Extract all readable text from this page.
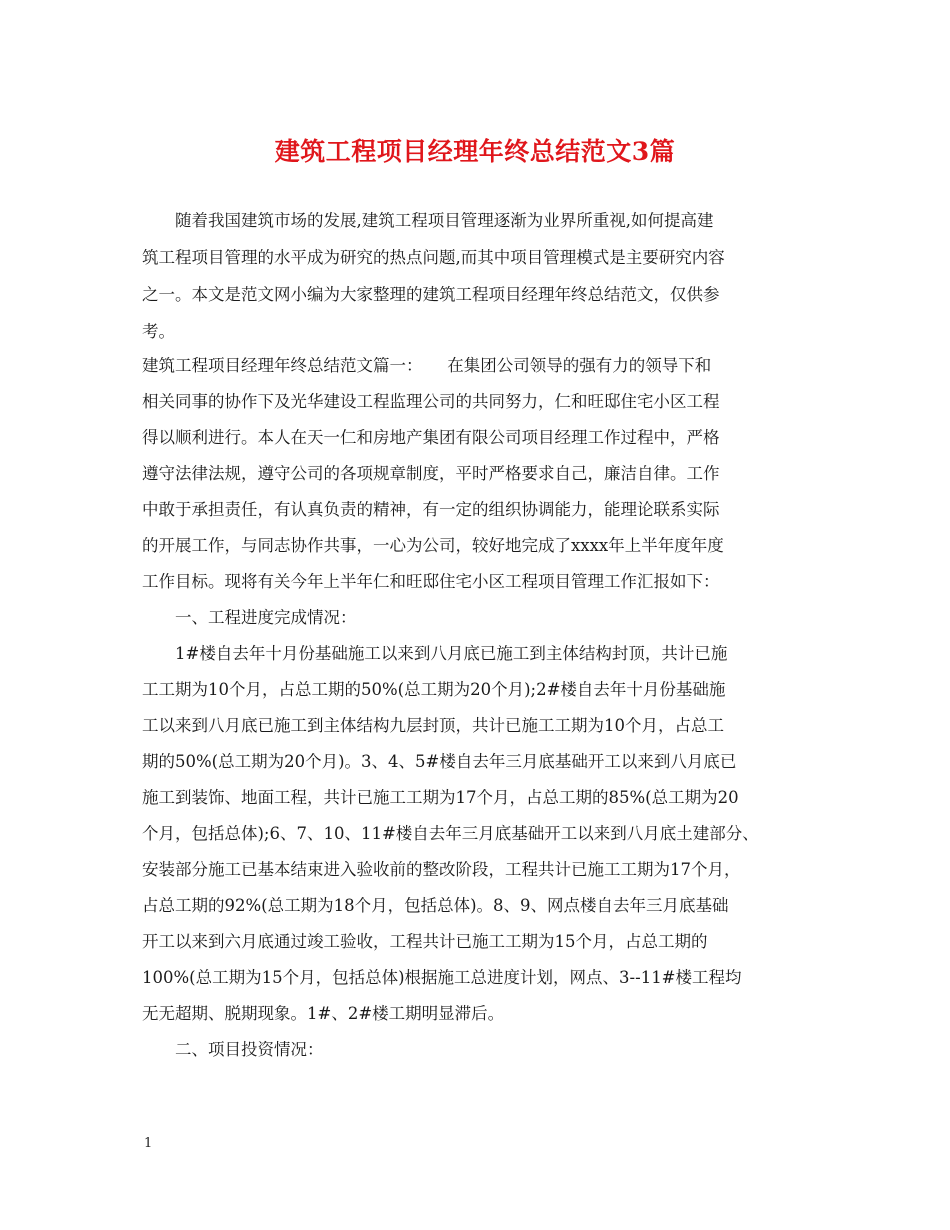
建筑工程项目经理年终总结范文3篇
　　随着我国建筑市场的发展,建筑工程项目管理逐渐为业界所重视,如何提高建
筑工程项目管理的水平成为研究的热点问题,而其中项目管理模式是主要研究内容
之一。本文是范文网小编为大家整理的建筑工程项目经理年终总结范文，仅供参
考。
建筑工程项目经理年终总结范文篇一：　　在集团公司领导的强有力的领导下和
相关同事的协作下及光华建设工程监理公司的共同努力，仁和旺邸住宅小区工程
得以顺利进行。本人在天一仁和房地产集团有限公司项目经理工作过程中，严格
遵守法律法规，遵守公司的各项规章制度，平时严格要求自己，廉洁自律。工作
中敢于承担责任，有认真负责的精神，有一定的组织协调能力，能理论联系实际
的开展工作，与同志协作共事，一心为公司，较好地完成了xxxx年上半年度年度
工作目标。现将有关今年上半年仁和旺邸住宅小区工程项目管理工作汇报如下：
　　一、工程进度完成情况：
　　1#楼自去年十月份基础施工以来到八月底已施工到主体结构封顶，共计已施
工工期为10个月，占总工期的50%(总工期为20个月);2#楼自去年十月份基础施
工以来到八月底已施工到主体结构九层封顶，共计已施工工期为10个月，占总工
期的50%(总工期为20个月)。3、4、5#楼自去年三月底基础开工以来到八月底已
施工到装饰、地面工程，共计已施工工期为17个月，占总工期的85%(总工期为20
个月，包括总体);6、7、10、11#楼自去年三月底基础开工以来到八月底土建部分、
安装部分施工已基本结束进入验收前的整改阶段，工程共计已施工工期为17个月，
占总工期的92%(总工期为18个月，包括总体)。8、9、网点楼自去年三月底基础
开工以来到六月底通过竣工验收，工程共计已施工工期为15个月，占总工期的
100%(总工期为15个月，包括总体)根据施工总进度计划，网点、3--11#楼工程均
无无超期、脱期现象。1#、2#楼工期明显滞后。
　　二、项目投资情况：
1
